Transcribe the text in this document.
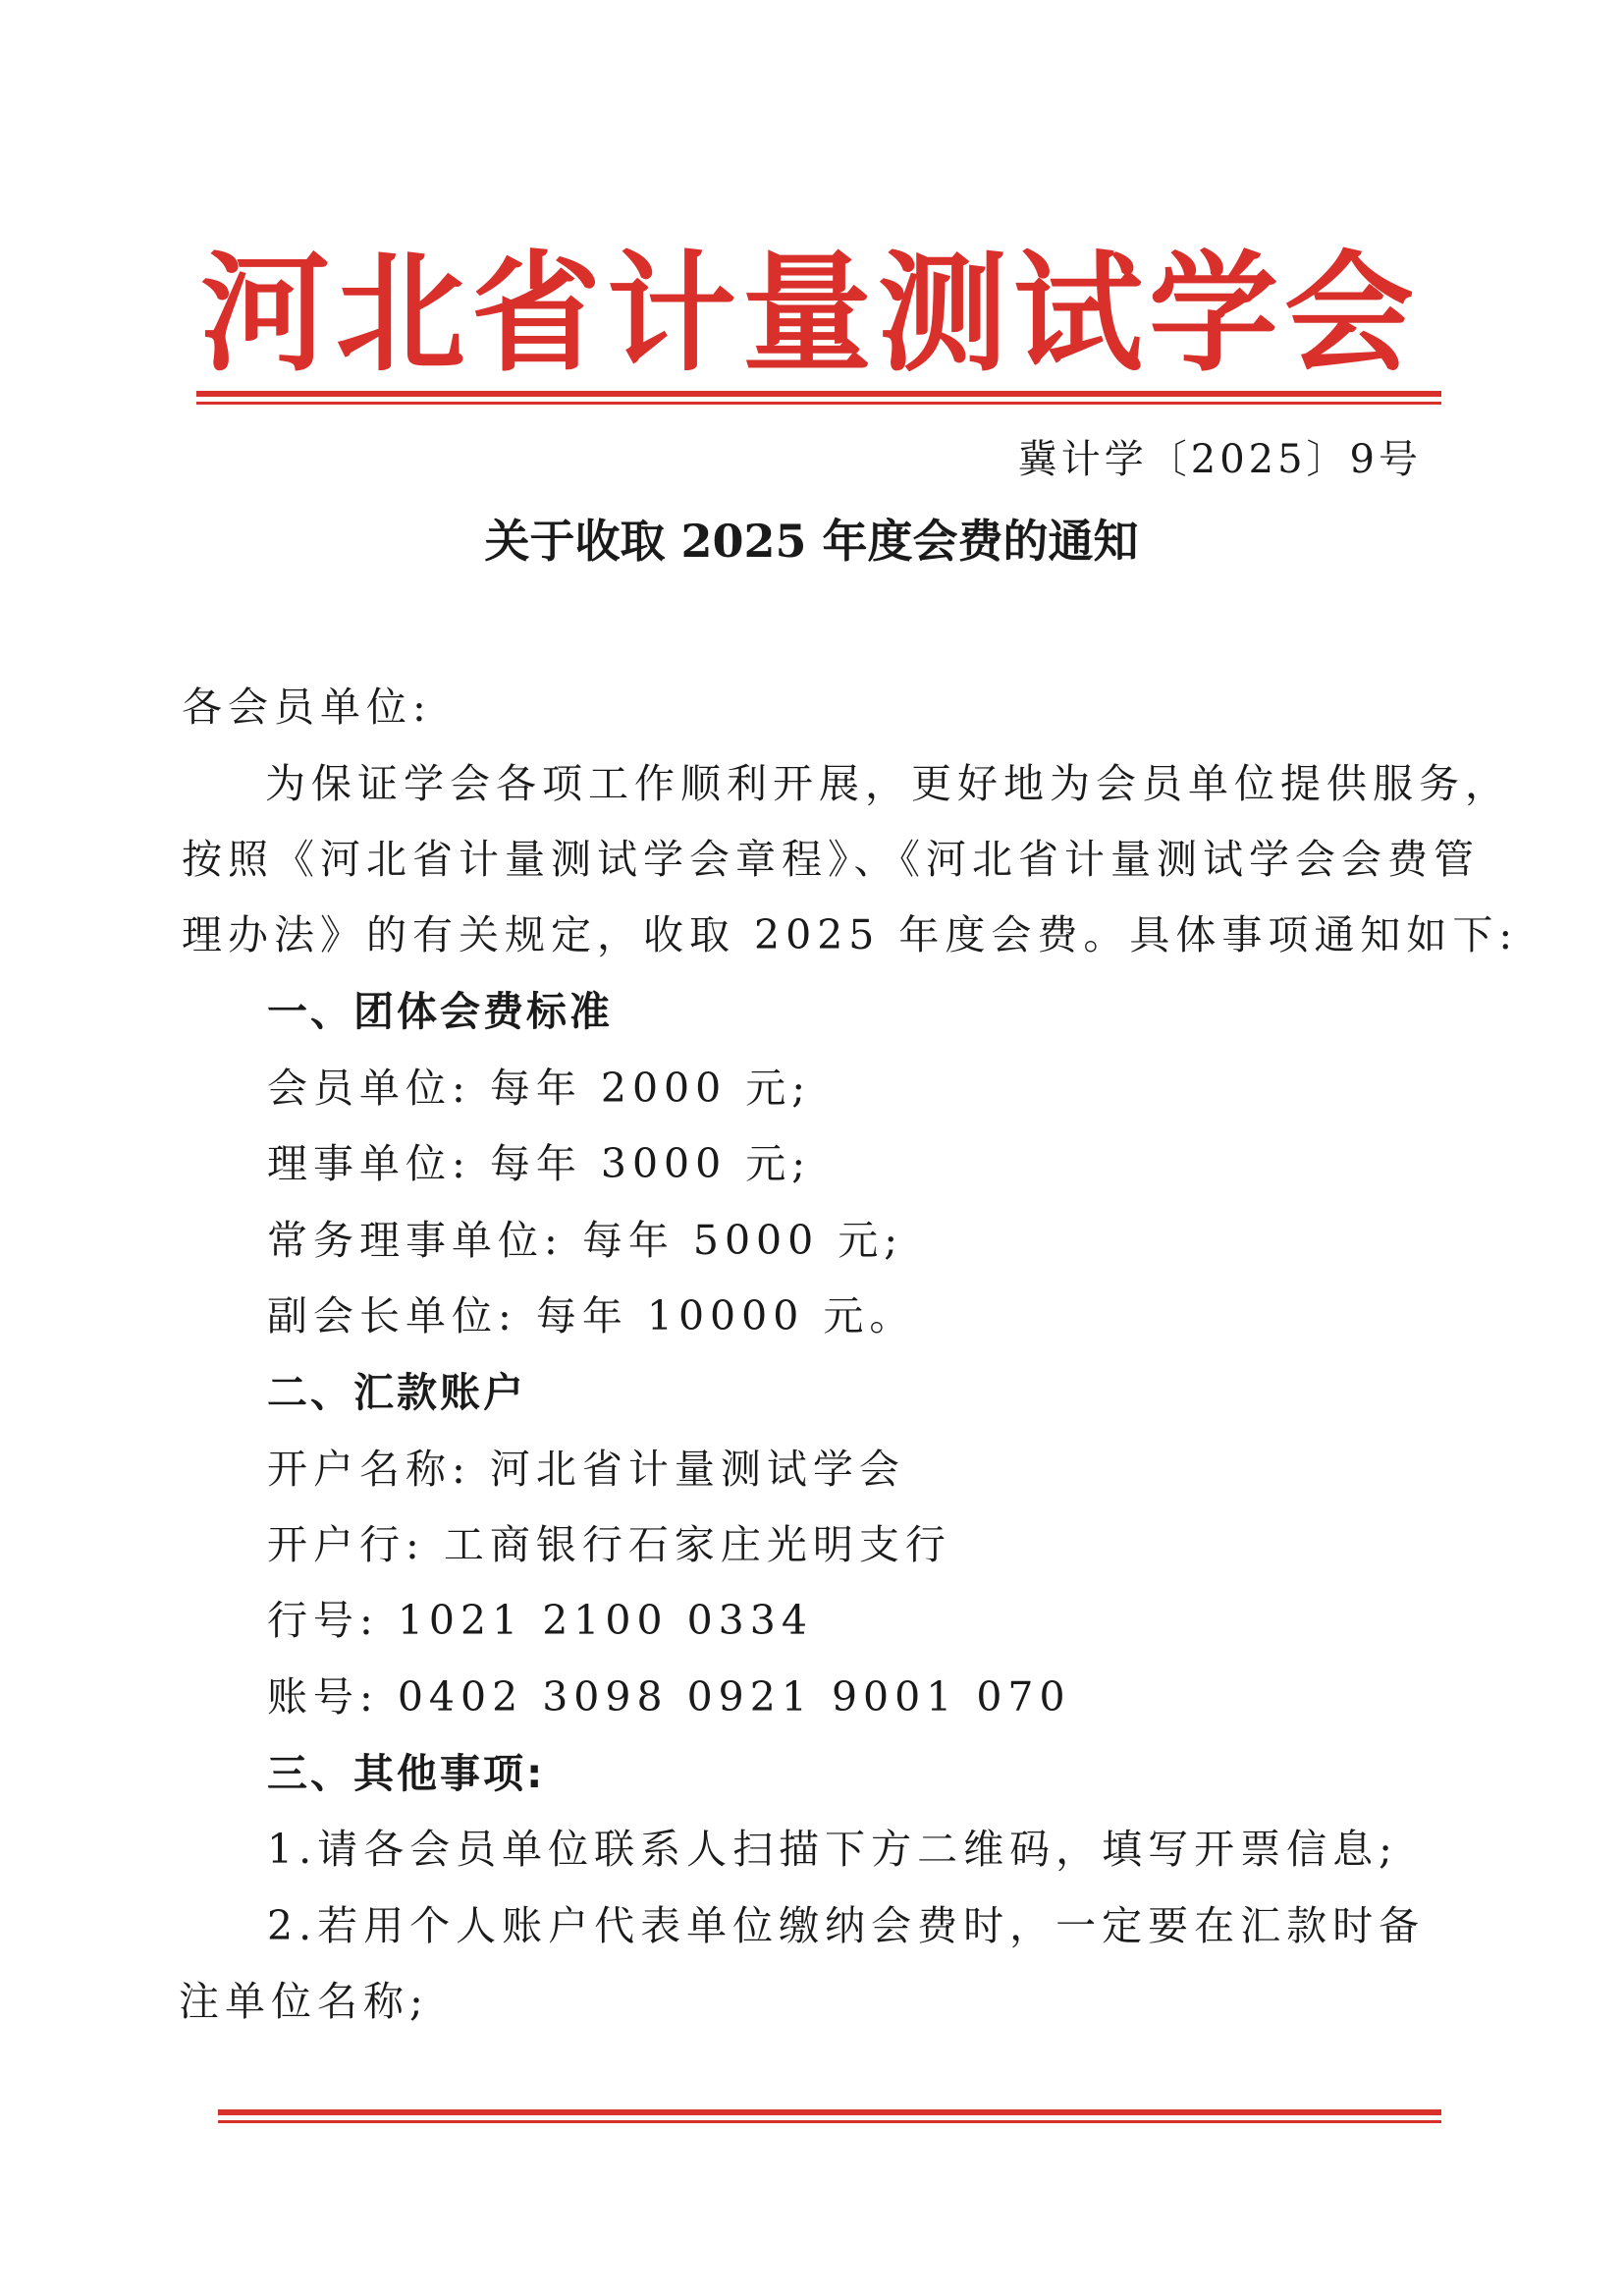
河北省计量测试学会
冀计学〔2025〕9号
关于收取 2025 年度会费的通知
各会员单位:
为保证学会各项工作顺利开展，更好地为会员单位提供服务，
按照《河北省计量测试学会章程》、《河北省计量测试学会会费管
理办法》的有关规定，收取 2025 年度会费。具体事项通知如下:
一、团体会费标准
会员单位: 每年 2000 元;
理事单位: 每年 3000 元;
常务理事单位: 每年 5000 元;
副会长单位: 每年 10000 元。
二、汇款账户
开户名称: 河北省计量测试学会
开户行: 工商银行石家庄光明支行
行号: 1021 2100 0334
账号: 0402 3098 0921 9001 070
三、其他事项:
1.请各会员单位联系人扫描下方二维码，填写开票信息;
2.若用个人账户代表单位缴纳会费时，一定要在汇款时备
注单位名称;
